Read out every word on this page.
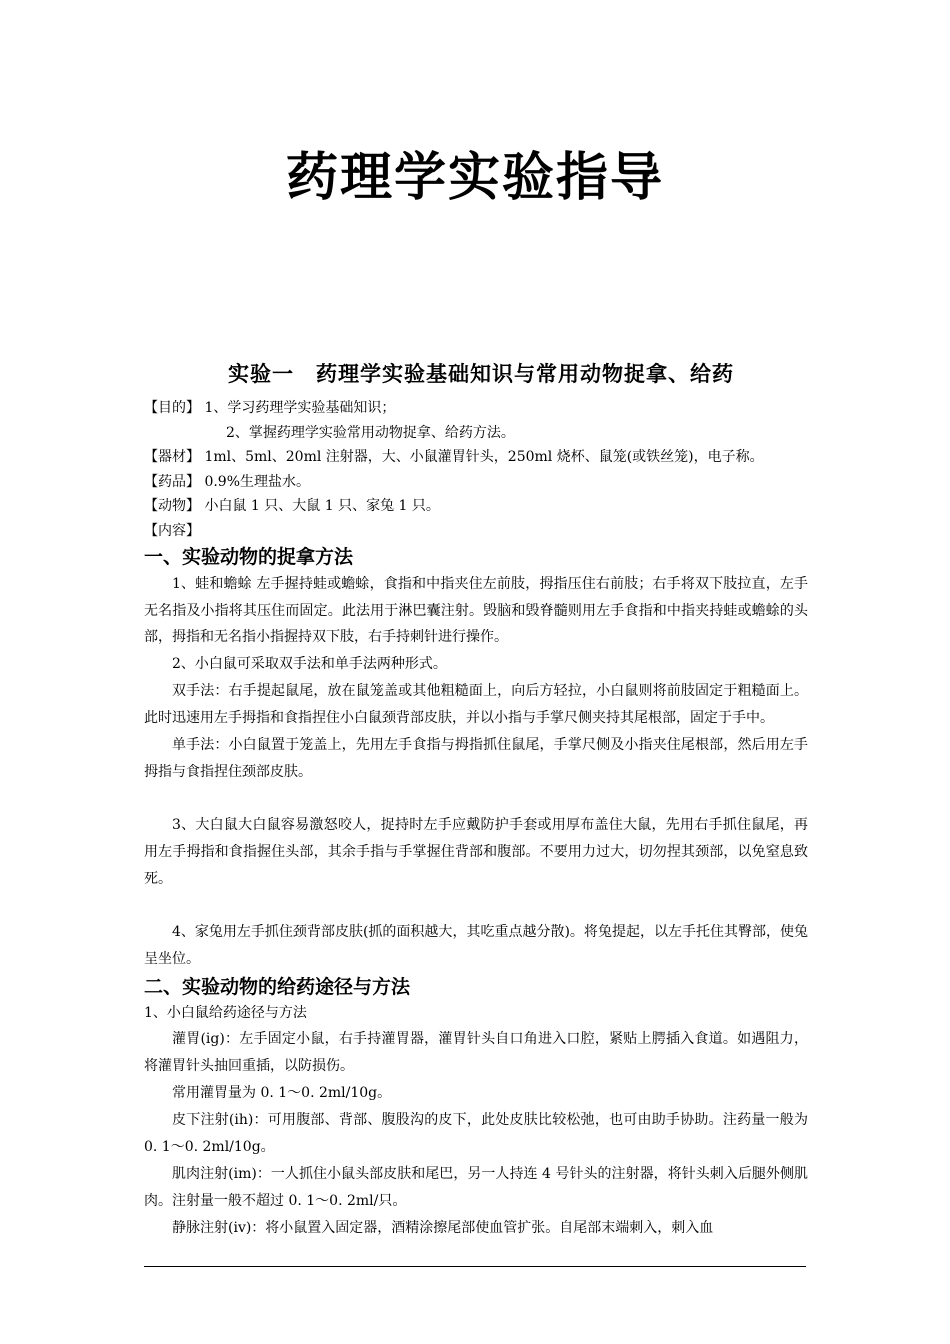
药理学实验指导
实验一　药理学实验基础知识与常用动物捉拿、给药
【目的】 1、学习药理学实验基础知识；
2、掌握药理学实验常用动物捉拿、给药方法。
【器材】 1ml、5ml、20ml 注射器，大、小鼠灌胃针头，250ml 烧杯、鼠笼(或铁丝笼)，电子称。
【药品】 0.9%生理盐水。
【动物】 小白鼠 1 只、大鼠 1 只、家兔 1 只。
【内容】
一、实验动物的捉拿方法

1、蛙和蟾蜍 左手握持蛙或蟾蜍，食指和中指夹住左前肢，拇指压住右前肢；右手将双下肢拉直，左手无名指及小指将其压住而固定。此法用于淋巴囊注射。毁脑和毁脊髓则用左手食指和中指夹持蛙或蟾蜍的头部，拇指和无名指小指握持双下肢，右手持刺针进行操作。

2、小白鼠可采取双手法和单手法两种形式。

双手法：右手提起鼠尾，放在鼠笼盖或其他粗糙面上，向后方轻拉，小白鼠则将前肢固定于粗糙面上。此时迅速用左手拇指和食指捏住小白鼠颈背部皮肤，并以小指与手掌尺侧夹持其尾根部，固定于手中。

单手法：小白鼠置于笼盖上，先用左手食指与拇指抓住鼠尾，手掌尺侧及小指夹住尾根部，然后用左手拇指与食指捏住颈部皮肤。

3、大白鼠大白鼠容易激怒咬人，捉持时左手应戴防护手套或用厚布盖住大鼠，先用右手抓住鼠尾，再用左手拇指和食指握住头部，其余手指与手掌握住背部和腹部。不要用力过大，切勿捏其颈部，以免窒息致死。

4、家兔用左手抓住颈背部皮肤(抓的面积越大，其吃重点越分散)。将兔提起，以左手托住其臀部，使兔呈坐位。

二、实验动物的给药途径与方法
1、小白鼠给药途径与方法

灌胃(ig)：左手固定小鼠，右手持灌胃器，灌胃针头自口角进入口腔，紧贴上腭插入食道。如遇阻力，将灌胃针头抽回重插，以防损伤。

常用灌胃量为 0. 1～0. 2ml/10g。

皮下注射(ih)：可用腹部、背部、腹股沟的皮下，此处皮肤比较松弛，也可由助手协助。注药量一般为 0. 1～0. 2ml/10g。

肌肉注射(im)：一人抓住小鼠头部皮肤和尾巴，另一人持连 4 号针头的注射器，将针头刺入后腿外侧肌肉。注射量一般不超过 0. 1～0. 2ml/只。

静脉注射(iv)：将小鼠置入固定器，酒精涂擦尾部使血管扩张。自尾部末端刺入，刺入血
